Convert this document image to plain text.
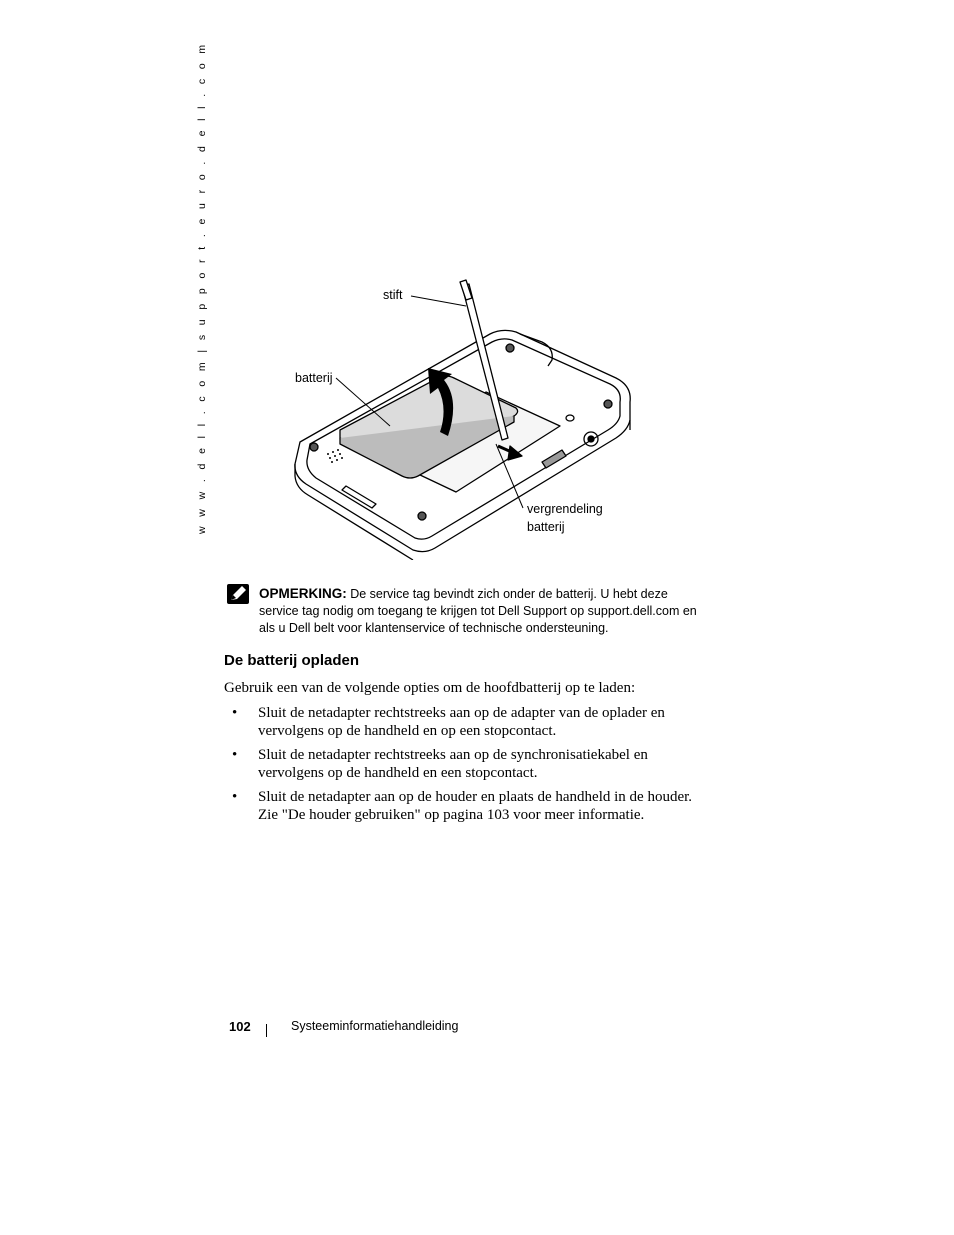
w w w . d e l l . c o m | s u p p o r t . e u r o . d e l l . c o m	stift
batterij
vergrendeling
batterij
OPMERKING: De service tag bevindt zich onder de batterij. U hebt deze service tag nodig om toegang te krijgen tot Dell Support op support.dell.com en als u Dell belt voor klantenservice of technische ondersteuning.
De batterij opladen
Gebruik een van de volgende opties om de hoofdbatterij op te laden:
• Sluit de netadapter rechtstreeks aan op de adapter van de oplader en vervolgens op de handheld en op een stopcontact.
• Sluit de netadapter rechtstreeks aan op de synchronisatiekabel en vervolgens op de handheld en een stopcontact.
• Sluit de netadapter aan op de houder en plaats de handheld in de houder. Zie "De houder gebruiken" op pagina 103 voor meer informatie.
102	Systeeminformatiehandleiding
